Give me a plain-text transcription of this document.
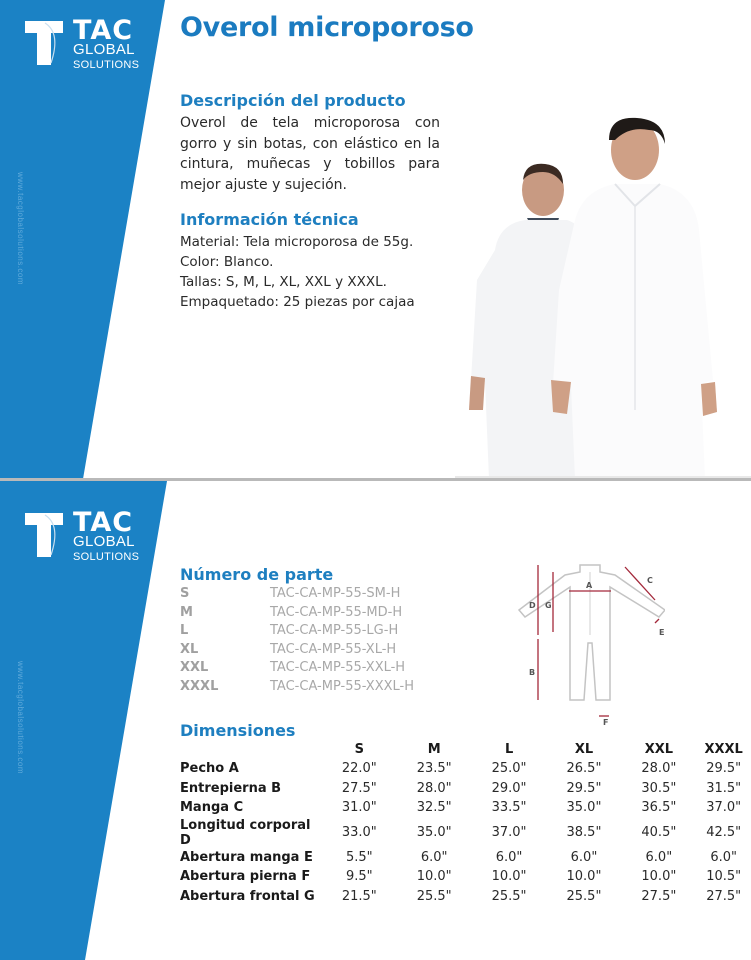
TAC
GLOBAL
SOLUTIONS
www.tacglobalsolutions.com
Overol microporoso
Descripción del producto

Overol de tela microporosa con gorro y sin botas, con elástico en la cintura, muñecas y tobillos para mejor ajuste y sujeción.

Información técnica
Material: Tela microporosa de 55g.
Color: Blanco.
Tallas: S, M, L, XL, XXL y XXXL.
Empaquetado: 25 piezas por cajaa
TAC
GLOBAL
SOLUTIONS
www.tacglobalsolutions.com
Número de parte
S	TAC-CA-MP-55-SM-H
M	TAC-CA-MP-55-MD-H
L	TAC-CA-MP-55-LG-H
XL	TAC-CA-MP-55-XL-H
XXL	TAC-CA-MP-55-XXL-H
XXXL	TAC-CA-MP-55-XXXL-H
A
B
C
D
E
F
G
Dimensiones
	S	M	L	XL	XXL	XXXL
Pecho A	22.0"	23.5"	25.0"	26.5"	28.0"	29.5"
Entrepierna B	27.5"	28.0"	29.0"	29.5"	30.5"	31.5"
Manga C	31.0"	32.5"	33.5"	35.0"	36.5"	37.0"
Longitud corporal D	33.0"	35.0"	37.0"	38.5"	40.5"	42.5"
Abertura manga E	5.5"	6.0"	6.0"	6.0"	6.0"	6.0"
Abertura pierna F	9.5"	10.0"	10.0"	10.0"	10.0"	10.5"
Abertura frontal G	21.5"	25.5"	25.5"	25.5"	27.5"	27.5"
